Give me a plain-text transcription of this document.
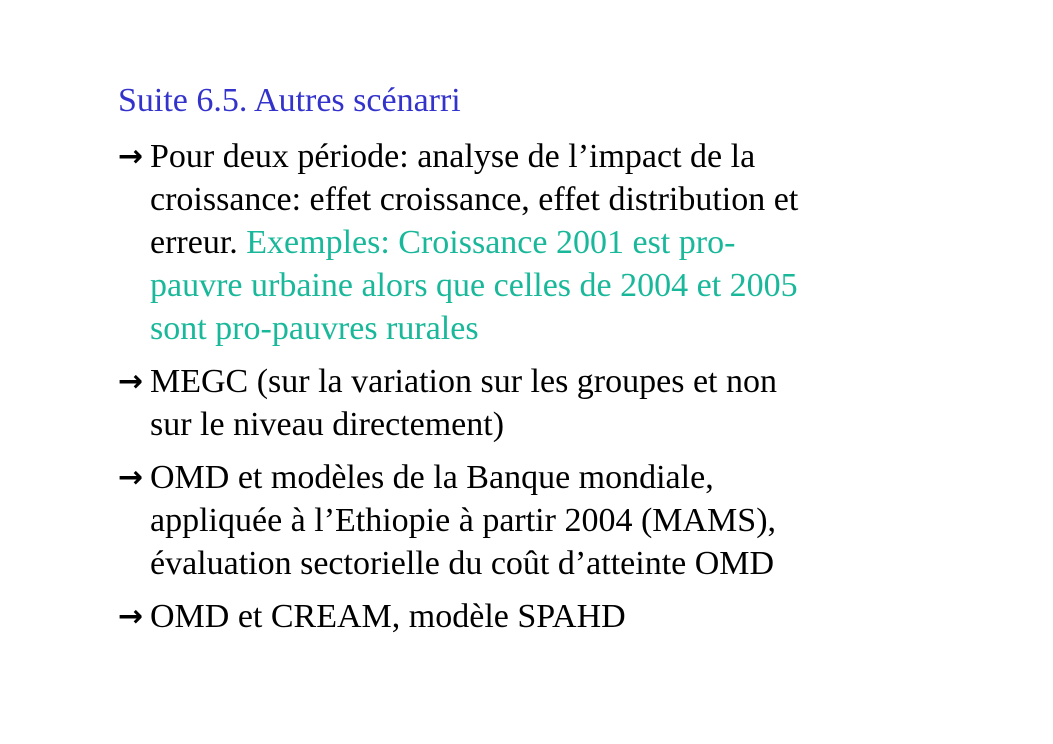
Suite 6.5. Autres scénarri
→ Pour deux période: analyse de l’impact de la
croissance: effet croissance, effet distribution et
erreur. Exemples: Croissance 2001 est pro-
pauvre urbaine alors que celles de 2004 et 2005
sont pro-pauvres rurales
→ MEGC (sur la variation sur les groupes et non
sur le niveau directement)
→ OMD et modèles de la Banque mondiale,
appliquée à l’Ethiopie à partir 2004 (MAMS),
évaluation sectorielle du coût d’atteinte OMD
→ OMD et CREAM, modèle SPAHD
